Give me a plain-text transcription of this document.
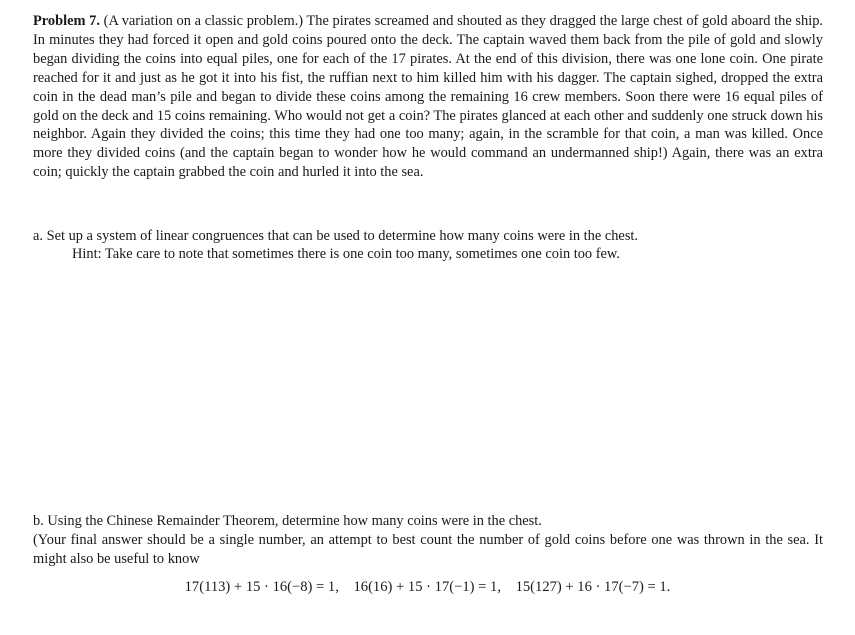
Problem 7. (A variation on a classic problem.) The pirates screamed and shouted as they dragged the large chest of gold aboard the ship. In minutes they had forced it open and gold coins poured onto the deck. The captain waved them back from the pile of gold and slowly began dividing the coins into equal piles, one for each of the 17 pirates. At the end of this division, there was one lone coin. One pirate reached for it and just as he got it into his fist, the ruffian next to him killed him with his dagger. The captain sighed, dropped the extra coin in the dead man’s pile and began to divide these coins among the remaining 16 crew members. Soon there were 16 equal piles of gold on the deck and 15 coins remaining. Who would not get a coin? The pirates glanced at each other and suddenly one struck down his neighbor. Again they divided the coins; this time they had one too many; again, in the scramble for that coin, a man was killed. Once more they divided coins (and the captain began to wonder how he would command an undermanned ship!) Again, there was an extra coin; quickly the captain grabbed the coin and hurled it into the sea.

a. Set up a system of linear congruences that can be used to determine how many coins were in the chest.

Hint: Take care to note that sometimes there is one coin too many, sometimes one coin too few.

b. Using the Chinese Remainder Theorem, determine how many coins were in the chest.

(Your final answer should be a single number, an attempt to best count the number of gold coins before one was thrown in the sea. It might also be useful to know

17(113) + 15 · 16(−8) = 1,    16(16) + 15 · 17(−1) = 1,    15(127) + 16 · 17(−7) = 1.
